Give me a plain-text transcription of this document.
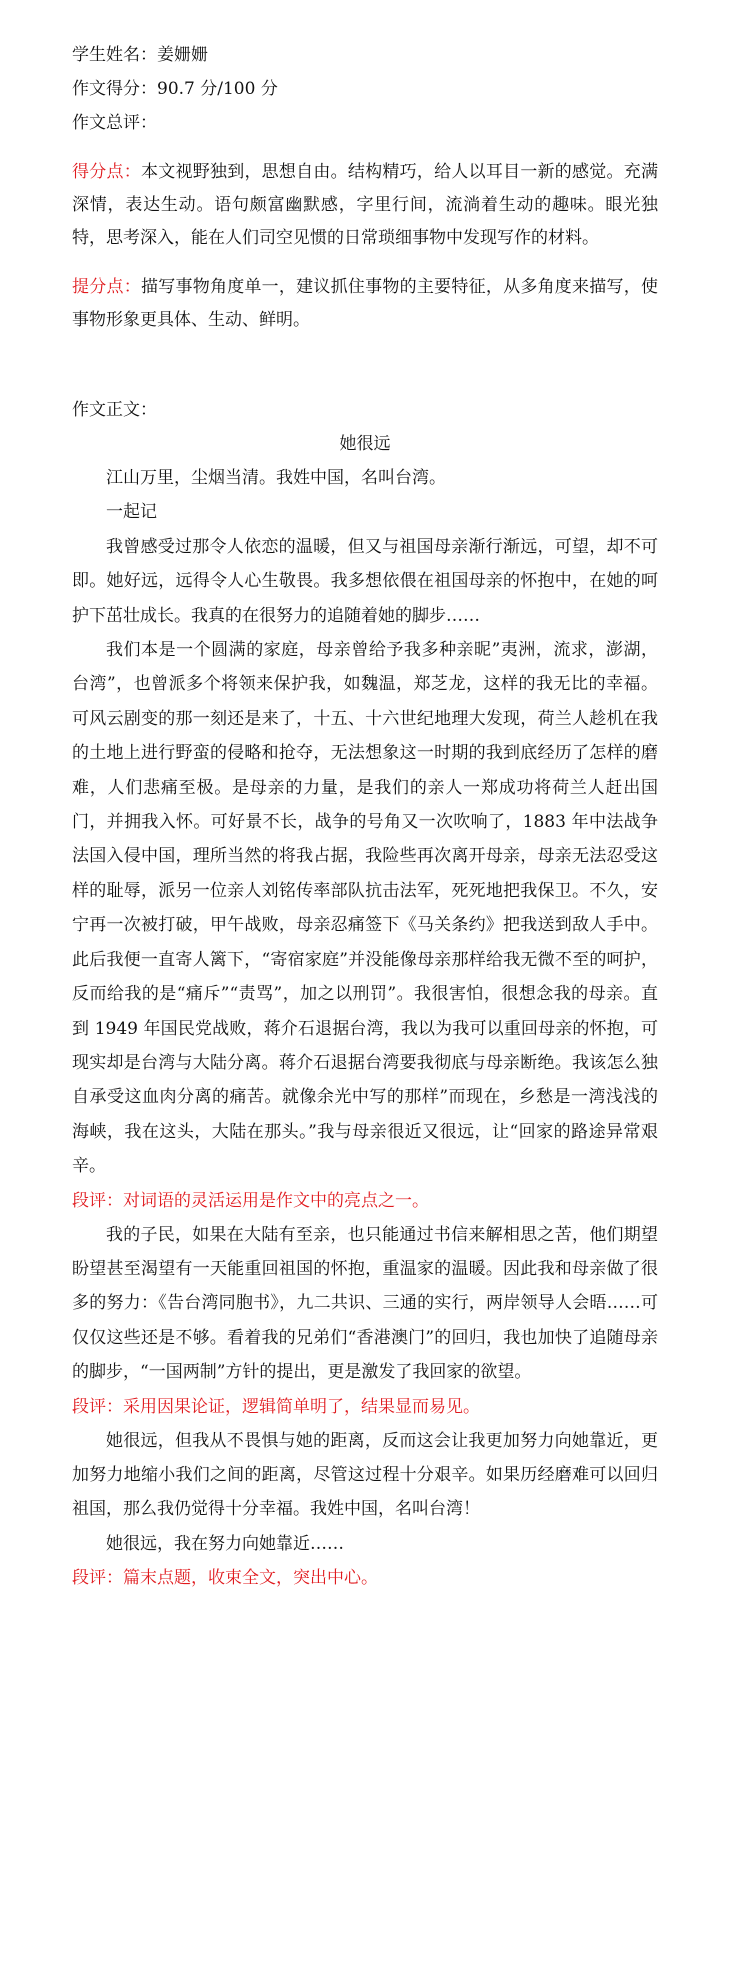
学生姓名：姜姗姗

作文得分：90.7 分/100 分

作文总评：

得分点：本文视野独到，思想自由。结构精巧，给人以耳目一新的感觉。充满深情，表达生动。语句颇富幽默感，字里行间，流淌着生动的趣味。眼光独特，思考深入，能在人们司空见惯的日常琐细事物中发现写作的材料。

提分点：描写事物角度单一，建议抓住事物的主要特征，从多角度来描写，使事物形象更具体、生动、鲜明。

作文正文：

她很远

江山万里，尘烟当清。我姓中国，名叫台湾。

一起记

我曾感受过那令人依恋的温暖，但又与祖国母亲渐行渐远，可望，却不可即。她好远，远得令人心生敬畏。我多想依偎在祖国母亲的怀抱中，在她的呵护下茁壮成长。我真的在很努力的追随着她的脚步……

我们本是一个圆满的家庭，母亲曾给予我多种亲昵”夷洲，流求，澎湖，台湾”，也曾派多个将领来保护我，如魏温，郑芝龙，这样的我无比的幸福。可风云剧变的那一刻还是来了，十五、十六世纪地理大发现，荷兰人趁机在我的土地上进行野蛮的侵略和抢夺，无法想象这一时期的我到底经历了怎样的磨难，人们悲痛至极。是母亲的力量，是我们的亲人一郑成功将荷兰人赶出国门，并拥我入怀。可好景不长，战争的号角又一次吹响了，1883 年中法战争法国入侵中国，理所当然的将我占据，我险些再次离开母亲，母亲无法忍受这样的耻辱，派另一位亲人刘铭传率部队抗击法军，死死地把我保卫。不久，安宁再一次被打破，甲午战败，母亲忍痛签下《马关条约》把我送到敌人手中。此后我便一直寄人篱下，“寄宿家庭”并没能像母亲那样给我无微不至的呵护，反而给我的是“痛斥”“责骂”，加之以刑罚”。我很害怕，很想念我的母亲。直到 1949 年国民党战败，蒋介石退据台湾，我以为我可以重回母亲的怀抱，可现实却是台湾与大陆分离。蒋介石退据台湾要我彻底与母亲断绝。我该怎么独自承受这血肉分离的痛苦。就像余光中写的那样”而现在，乡愁是一湾浅浅的海峡，我在这头，大陆在那头。”我与母亲很近又很远，让“回家的路途异常艰辛。

段评：对词语的灵活运用是作文中的亮点之一。

我的子民，如果在大陆有至亲，也只能通过书信来解相思之苦，他们期望盼望甚至渴望有一天能重回祖国的怀抱，重温家的温暖。因此我和母亲做了很多的努力：《告台湾同胞书》，九二共识、三通的实行，两岸领导人会晤……可仅仅这些还是不够。看着我的兄弟们“香港澳门”的回归，我也加快了追随母亲的脚步，“一国两制”方针的提出，更是激发了我回家的欲望。

段评：采用因果论证，逻辑简单明了，结果显而易见。

她很远，但我从不畏惧与她的距离，反而这会让我更加努力向她靠近，更加努力地缩小我们之间的距离，尽管这过程十分艰辛。如果历经磨难可以回归祖国，那么我仍觉得十分幸福。我姓中国，名叫台湾！

她很远，我在努力向她靠近……

段评：篇末点题，收束全文，突出中心。
